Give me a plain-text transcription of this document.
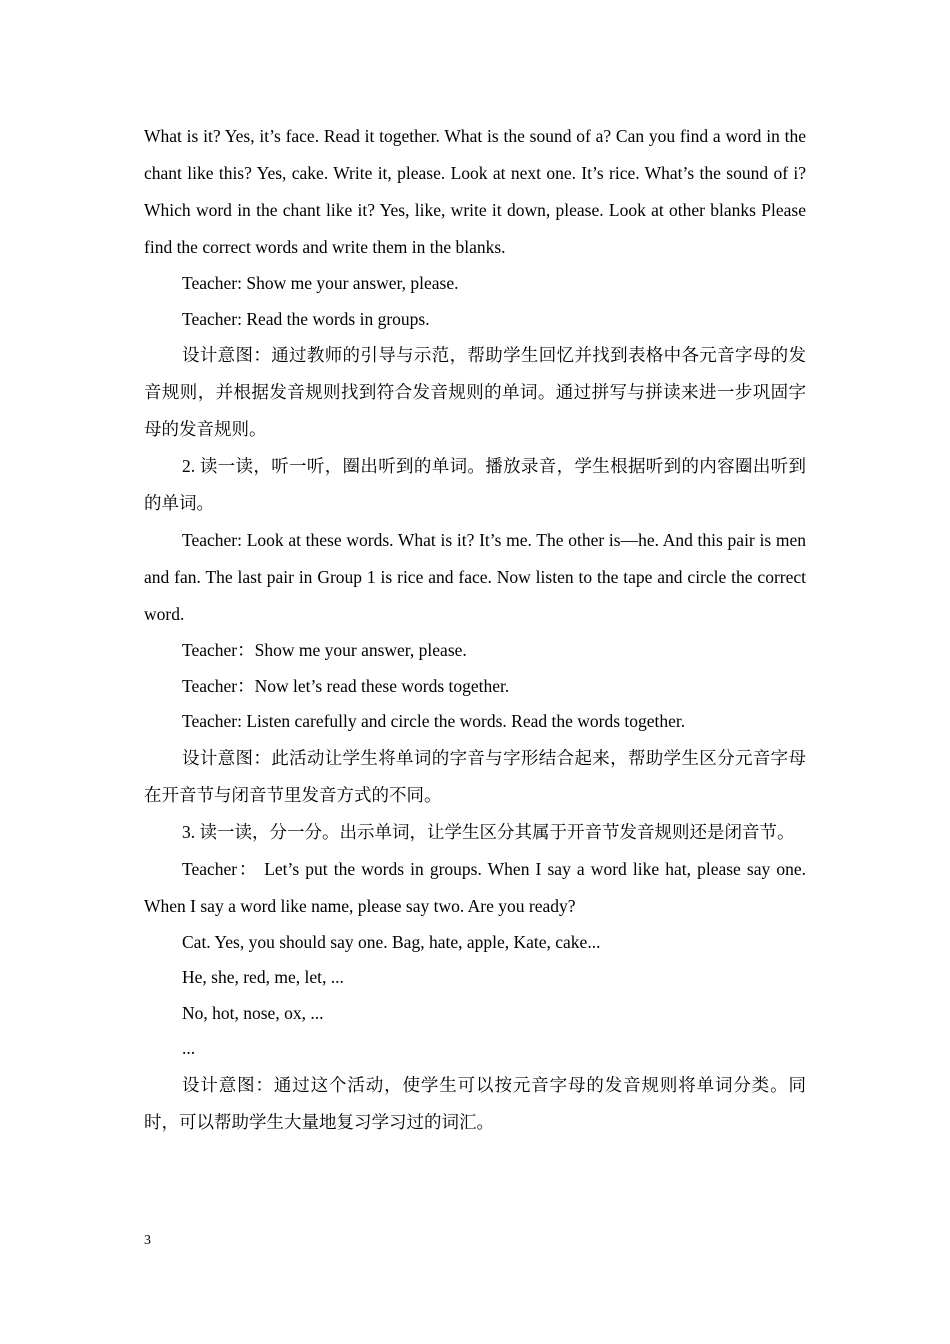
What is it? Yes, it’s face. Read it together. What is the sound of a? Can you find a word in the chant like this? Yes, cake. Write it, please. Look at next one. It’s rice. What’s the sound of i? Which word in the chant like it? Yes, like, write it down, please. Look at other blanks Please find the correct words and write them in the blanks.

Teacher: Show me your answer, please.

Teacher: Read the words in groups.

设计意图：通过教师的引导与示范，帮助学生回忆并找到表格中各元音字母的发音规则，并根据发音规则找到符合发音规则的单词。通过拼写与拼读来进一步巩固字母的发音规则。

2. 读一读，听一听，圈出听到的单词。播放录音，学生根据听到的内容圈出听到的单词。

Teacher: Look at these words. What is it? It’s me. The other is—he. And this pair is men and fan. The last pair in Group 1 is rice and face. Now listen to the tape and circle the correct word.

Teacher：Show me your answer, please.

Teacher：Now let’s read these words together.

Teacher: Listen carefully and circle the words. Read the words together.

设计意图：此活动让学生将单词的字音与字形结合起来，帮助学生区分元音字母在开音节与闭音节里发音方式的不同。

3. 读一读，分一分。出示单词，让学生区分其属于开音节发音规则还是闭音节。

Teacher： Let’s put the words in groups. When I say a word like hat, please say one. When I say a word like name, please say two. Are you ready?

Cat. Yes, you should say one. Bag, hate, apple, Kate, cake...

He, she, red, me, let, ...

No, hot, nose, ox, ...

...

设计意图：通过这个活动，使学生可以按元音字母的发音规则将单词分类。同时，可以帮助学生大量地复习学习过的词汇。

3
